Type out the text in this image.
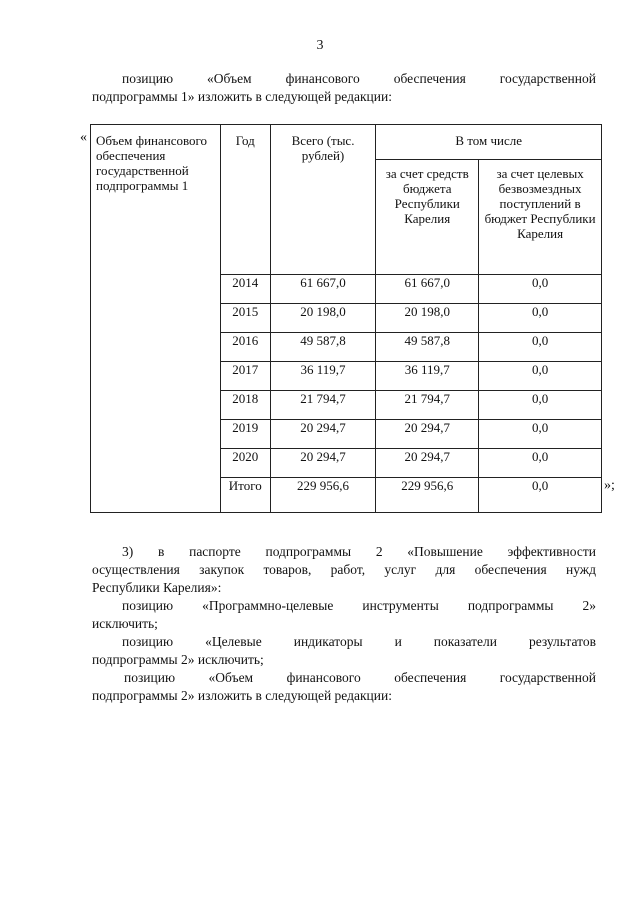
3
позицию «Объем финансового обеспечения государственной
подпрограммы 1» изложить в следующей редакции:
« Объем финансового обеспечения государственной подпрограммы 1	Год	Всего (тыс. рублей)	В том числе	
			за счет средств бюджета Республики Карелия	за счет целевых безвозмездных поступлений в бюджет Республики Карелия
	2014	61 667,0	61 667,0	0,0
	2015	20 198,0	20 198,0	0,0
	2016	49 587,8	49 587,8	0,0
	2017	36 119,7	36 119,7	0,0
	2018	21 794,7	21 794,7	0,0
	2019	20 294,7	20 294,7	0,0
	2020	20 294,7	20 294,7	0,0
	Итого	229 956,6	229 956,6	0,0	»;
3) в паспорте подпрограммы 2 «Повышение эффективности
осуществления закупок товаров, работ, услуг для обеспечения нужд
Республики Карелия»:
позицию «Программно-целевые инструменты подпрограммы 2»
исключить;
позицию «Целевые индикаторы и показатели результатов
подпрограммы 2» исключить;
позицию «Объем финансового обеспечения государственной
подпрограммы 2» изложить в следующей редакции:
